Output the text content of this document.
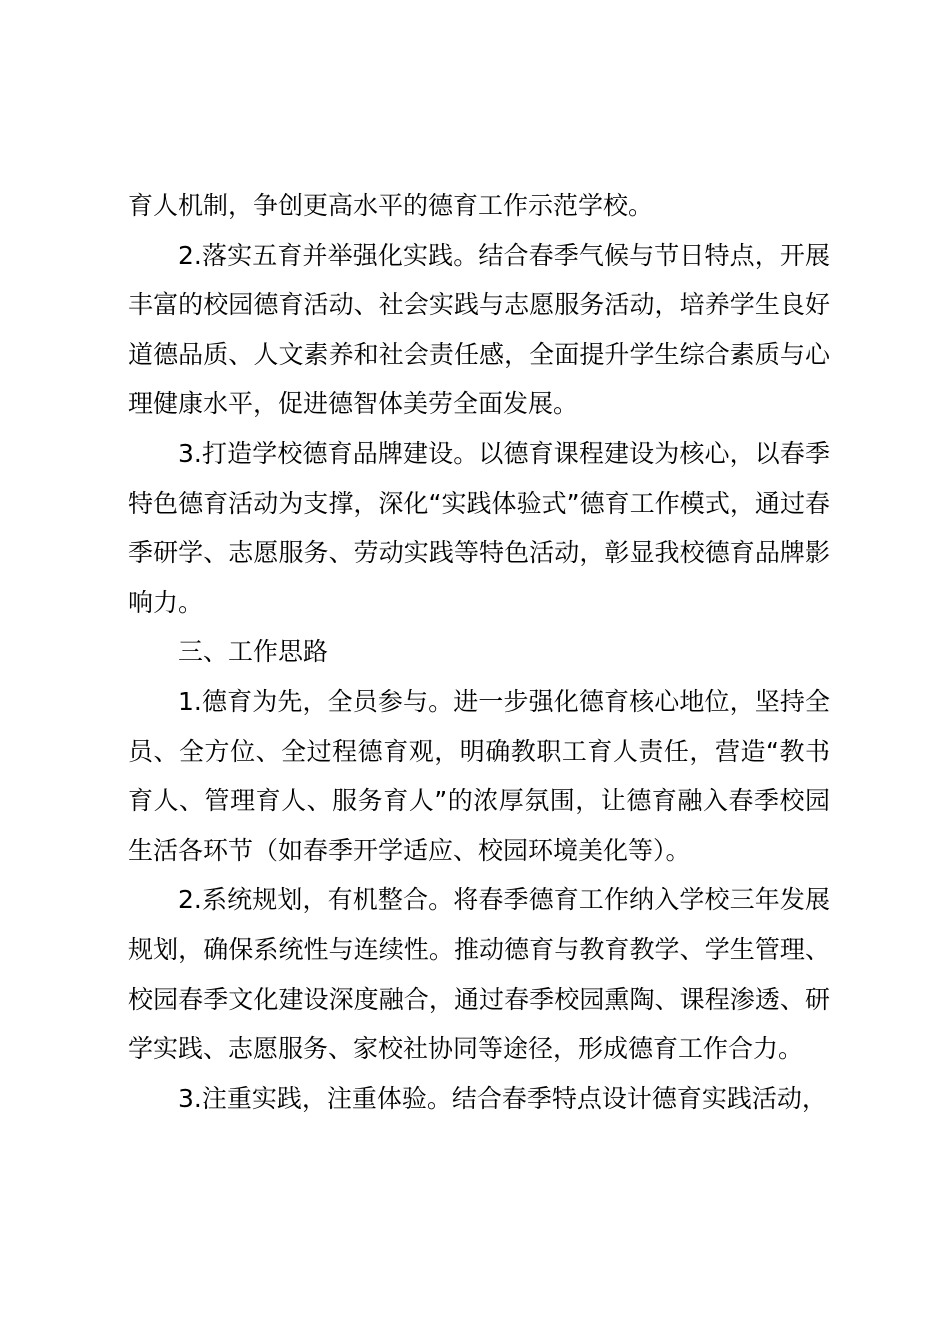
育人机制，争创更高水平的德育工作示范学校。

2.落实五育并举强化实践。结合春季气候与节日特点，开展丰富的校园德育活动、社会实践与志愿服务活动，培养学生良好道德品质、人文素养和社会责任感，全面提升学生综合素质与心理健康水平，促进德智体美劳全面发展。

3.打造学校德育品牌建设。以德育课程建设为核心，以春季特色德育活动为支撑，深化“实践体验式”德育工作模式，通过春季研学、志愿服务、劳动实践等特色活动，彰显我校德育品牌影响力。

三、工作思路

1.德育为先，全员参与。进一步强化德育核心地位，坚持全员、全方位、全过程德育观，明确教职工育人责任，营造“教书育人、管理育人、服务育人”的浓厚氛围，让德育融入春季校园生活各环节（如春季开学适应、校园环境美化等）。

2.系统规划，有机整合。将春季德育工作纳入学校三年发展规划，确保系统性与连续性。推动德育与教育教学、学生管理、校园春季文化建设深度融合，通过春季校园熏陶、课程渗透、研学实践、志愿服务、家校社协同等途径，形成德育工作合力。

3.注重实践，注重体验。结合春季特点设计德育实践活动，
